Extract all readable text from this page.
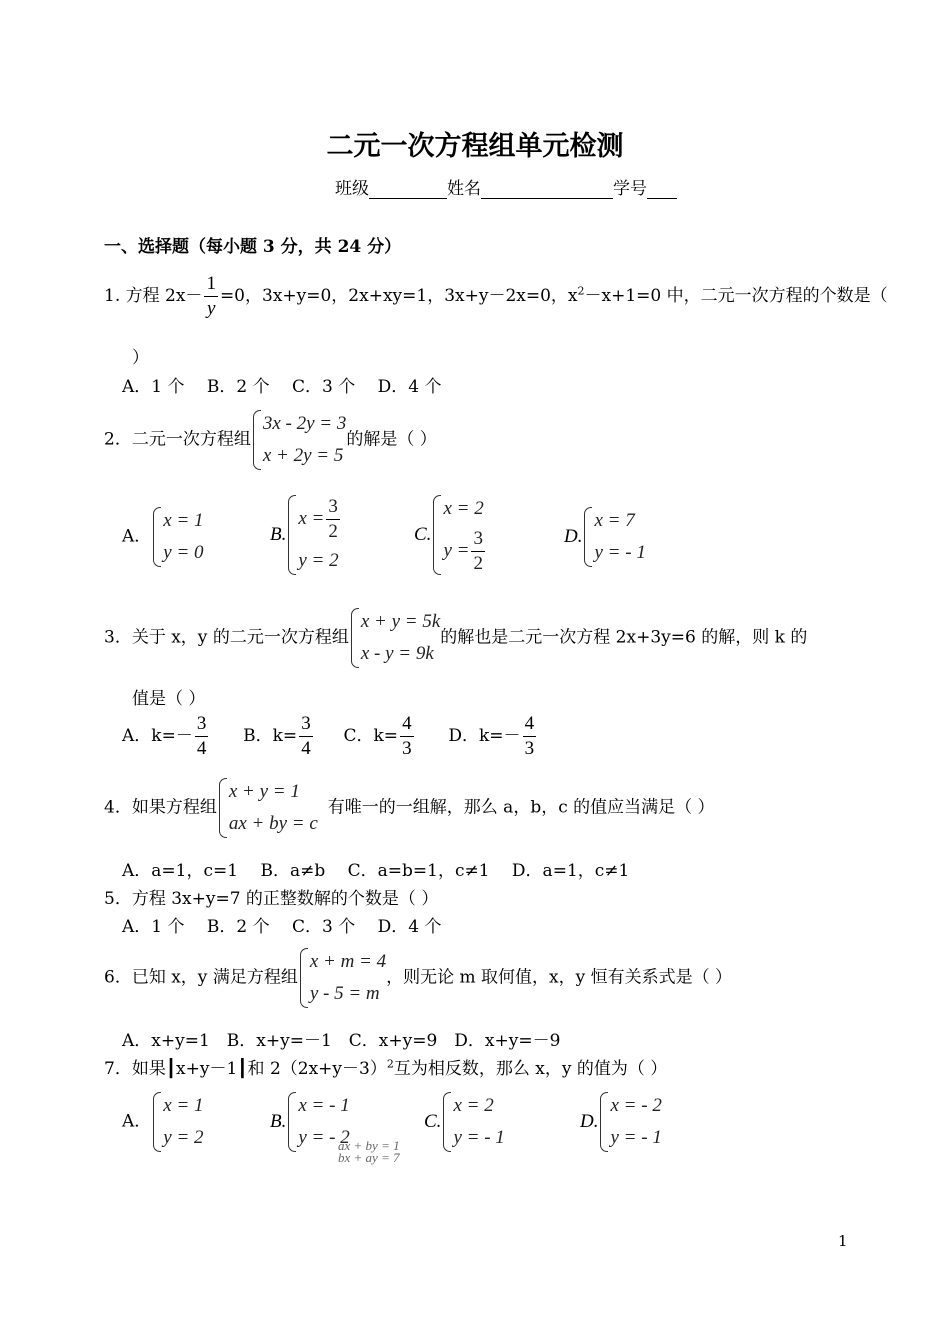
二元一次方程组单元检测
班级	姓名	学号
一、选择题（每小题 3 分，共 24 分）
1. 方程 $2x- \frac{1}{y} =0$，3x+y=0，2x+xy=1，3x+y－2x=0，$x^2-x+1=0$ 中，二元一次方程的个数是（
）
A．1 个　 B．2 个　 C．3 个　 D．4 个
2．二元一次方程组
3x - 2y = 3
x + 2y = 5
的解是（ ）
A．
x = 1
y = 0
B.
$x = \frac{3}{2}$
y = 2
C.
x = 2
$y = \frac{3}{2}$	D.
x = 7
y = - 1
3．关于 x，y 的二元一次方程组
x + y = 5k
x - y = 9k
的解也是二元一次方程 2x+3y=6 的解，则 k 的
值是（ ）
A．$k=- \frac{3}{4}$ B．$k= \frac{3}{4}$ C．$k= \frac{4}{3}$ D．$k=- \frac{4}{3}$
4．如果方程组
x + y = 1
ax + by = c
有唯一的一组解，那么 a，b，c 的值应当满足（ ）
A．a=1，c=1　 B．a≠b　 C．a=b=1，c≠1　 D．a=1，c≠1
5．方程 3x+y=7 的正整数解的个数是（ ）
A．1 个　 B．2 个　 C．3 个　 D．4 个
6．已知 x，y 满足方程组
x + m = 4
y - 5 = m
，则无论 m 取何值，x，y 恒有关系式是（ ）
A．x+y=1　B．x+y=－1　C．x+y=9　D．x+y=－9
7．如果┃x+y－1┃和 $2(2x+y-3)^2$互为相反数，那么 x，y 的值为（ ）
A．
x = 1
y = 2
B.
x = - 1
y = - 2
C.
x = 2
y = - 1
D.
x = - 2
y = - 1
ax + by = 1
bx + ay = 7
1
